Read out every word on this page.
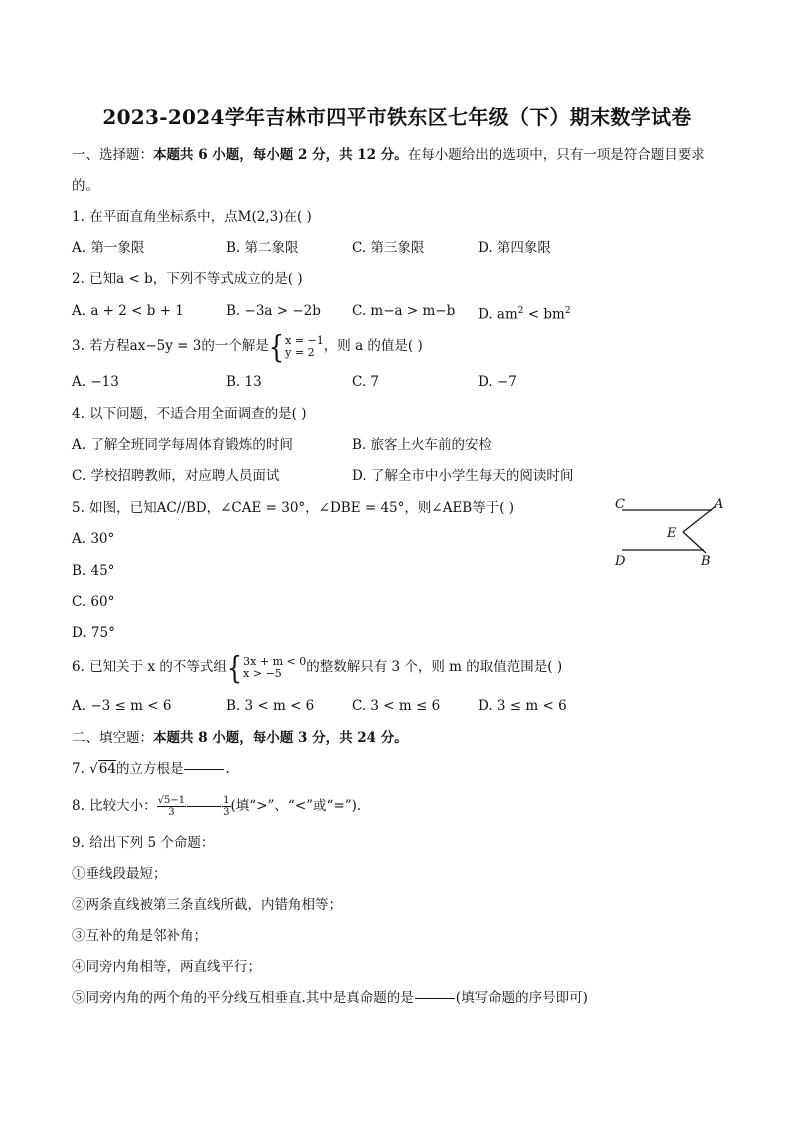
2023-2024学年吉林市四平市铁东区七年级（下）期末数学试卷
一、选择题：本题共 6 小题，每小题 2 分，共 12 分。在每小题给出的选项中，只有一项是符合题目要求
的。
1. 在平面直角坐标系中，点M(2,3)在( )
A. 第一象限	B. 第二象限	C. 第三象限	D. 第四象限
2. 已知a < b，下列不等式成立的是( )
A. a + 2 < b + 1	B. −3a > −2b C. m−a > m−b D. $am^2 < bm^2$
3. 若方程ax−5y = 3的一个解是{ x = −1
y = 2 ，则 a 的值是( )
A. −13	B. 13	C. 7	D. −7
4. 以下问题，不适合用全面调查的是( )
A. 了解全班同学每周体育锻炼的时间	B. 旅客上火车前的安检
C. 学校招聘教师，对应聘人员面试	D. 了解全市中小学生每天的阅读时间
5. 如图，已知AC//BD，∠CAE = 30°，∠DBE = 45°，则∠AEB等于( )
A. 30°
B. 45°
C. 60°
D. 75°
C	A
E
D	B
6. 已知关于 x 的不等式组{ 3x + m < 0
x > −5	的整数解只有 3 个，则 m 的取值范围是( )
A. −3 ≤ m < 6	B. 3 < m < 6	C. 3 < m ≤ 6	D. 3 ≤ m < 6
二、填空题：本题共 8 小题，每小题 3 分，共 24 分。
7. √64的立方根是	.
8. 比较大小： $\frac{√5-1}{3}$	$\frac{1}{3}$ (填“>”、“<”或“=”).
9. 给出下列 5 个命题：
①垂线段最短；
②两条直线被第三条直线所截，内错角相等；
③互补的角是邻补角；
④同旁内角相等，两直线平行；
⑤同旁内角的两个角的平分线互相垂直.其中是真命题的是	(填写命题的序号即可)
